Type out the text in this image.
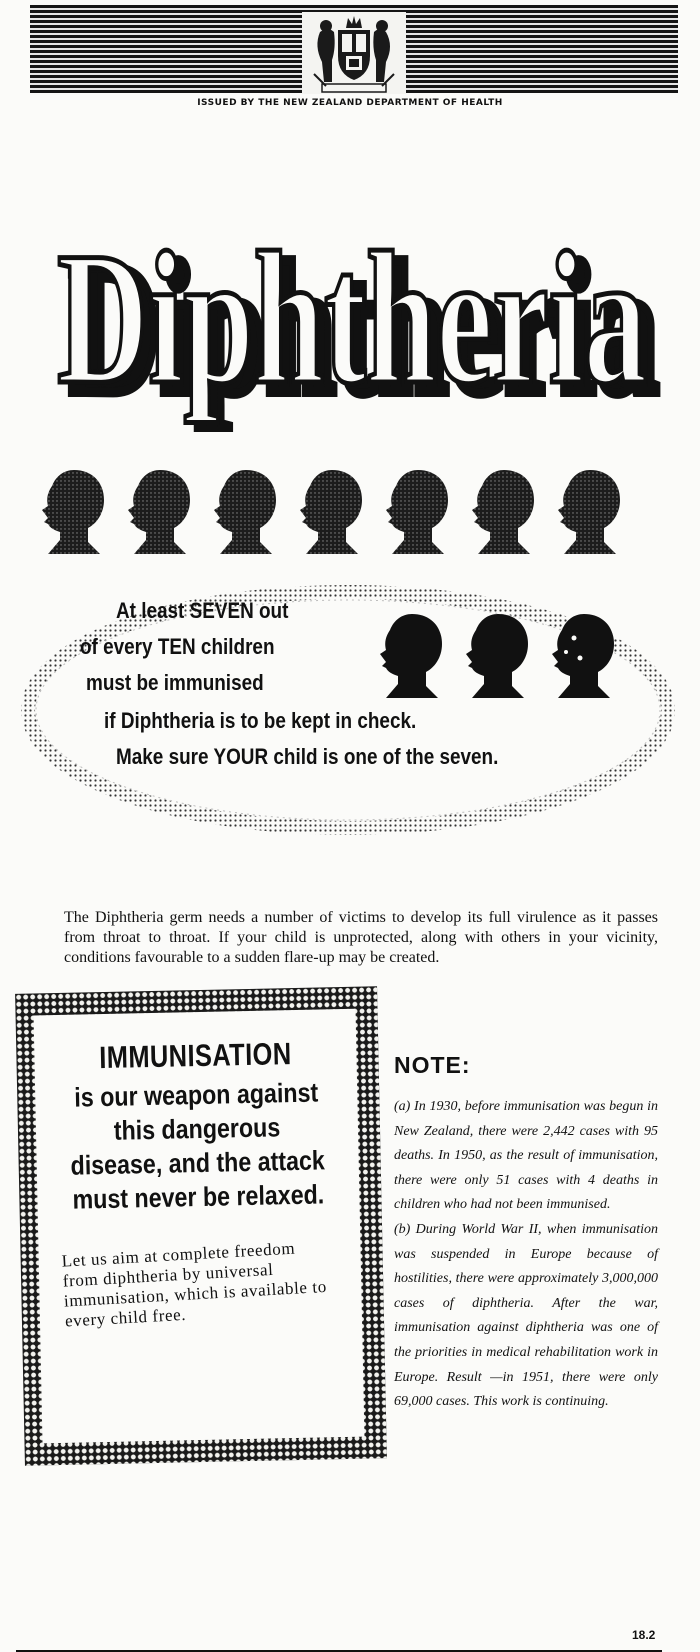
ISSUED BY THE NEW ZEALAND DEPARTMENT OF HEALTH
Diphtheria
Diphtheria
At least SEVEN out
of every TEN children
must be immunised
if Diphtheria is to be kept in check.
Make sure YOUR child is one of the seven.

The Diphtheria germ needs a number of victims to develop its full virulence as it passes from throat to throat. If your child is unprotected, along with others in your vicinity, conditions favourable to a sudden flare-up may be created.

IMMUNISATION
is our weapon against this dangerous disease, and the attack must never be relaxed.
Let us aim at complete freedom from diphtheria by universal immunisation, which is available to every child free.
NOTE:

(a) In 1930, before immunisation was begun in New Zealand, there were 2,442 cases with 95 deaths. In 1950, as the result of immunisation, there were only 51 cases with 4 deaths in children who had not been immunised.

(b) During World War II, when immunisation was suspended in Europe because of hostilities, there were approximately 3,000,000 cases of diphtheria. After the war, immunisation against diphtheria was one of the priorities in medical rehabilitation work in Europe. Result —in 1951, there were only 69,000 cases. This work is continuing.

18.2
